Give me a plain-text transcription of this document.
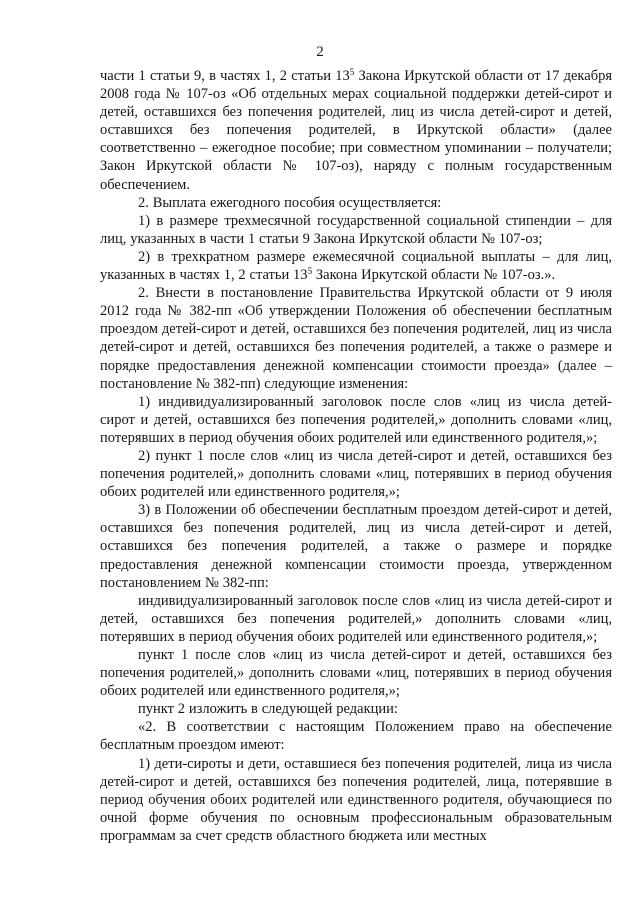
2

части 1 статьи 9, в частях 1, 2 статьи $13^5$ Закона Иркутской области от 17 декабря 2008 года № 107-оз «Об отдельных мерах социальной поддержки детей-сирот и детей, оставшихся без попечения родителей, лиц из числа детей-сирот и детей, оставшихся без попечения родителей, в Иркутской области» (далее соответственно – ежегодное пособие; при совместном упоминании – получатели; Закон Иркутской области № 107-оз), наряду с полным государственным обеспечением.

2. Выплата ежегодного пособия осуществляется:

1) в размере трехмесячной государственной социальной стипендии – для лиц, указанных в части 1 статьи 9 Закона Иркутской области № 107-оз;

2) в трехкратном размере ежемесячной социальной выплаты – для лиц, указанных в частях 1, 2 статьи $13^5$ Закона Иркутской области № 107-оз.».

2. Внести в постановление Правительства Иркутской области от 9 июля 2012 года № 382-пп «Об утверждении Положения об обеспечении бесплатным проездом детей-сирот и детей, оставшихся без попечения родителей, лиц из числа детей-сирот и детей, оставшихся без попечения родителей, а также о размере и порядке предоставления денежной компенсации стоимости проезда» (далее – постановление № 382-пп) следующие изменения:

1) индивидуализированный заголовок после слов «лиц из числа детей-сирот и детей, оставшихся без попечения родителей,» дополнить словами «лиц, потерявших в период обучения обоих родителей или единственного родителя,»;

2) пункт 1 после слов «лиц из числа детей-сирот и детей, оставшихся без попечения родителей,» дополнить словами «лиц, потерявших в период обучения обоих родителей или единственного родителя,»;

3) в Положении об обеспечении бесплатным проездом детей-сирот и детей, оставшихся без попечения родителей, лиц из числа детей-сирот и детей, оставшихся без попечения родителей, а также о размере и порядке предоставления денежной компенсации стоимости проезда, утвержденном постановлением № 382-пп:

индивидуализированный заголовок после слов «лиц из числа детей-сирот и детей, оставшихся без попечения родителей,» дополнить словами «лиц, потерявших в период обучения обоих родителей или единственного родителя,»;

пункт 1 после слов «лиц из числа детей-сирот и детей, оставшихся без попечения родителей,» дополнить словами «лиц, потерявших в период обучения обоих родителей или единственного родителя,»;

пункт 2 изложить в следующей редакции:

«2. В соответствии с настоящим Положением право на обеспечение бесплатным проездом имеют:

1) дети-сироты и дети, оставшиеся без попечения родителей, лица из числа детей-сирот и детей, оставшихся без попечения родителей, лица, потерявшие в период обучения обоих родителей или единственного родителя, обучающиеся по очной форме обучения по основным профессиональным образовательным программам за счет средств областного бюджета или местных
